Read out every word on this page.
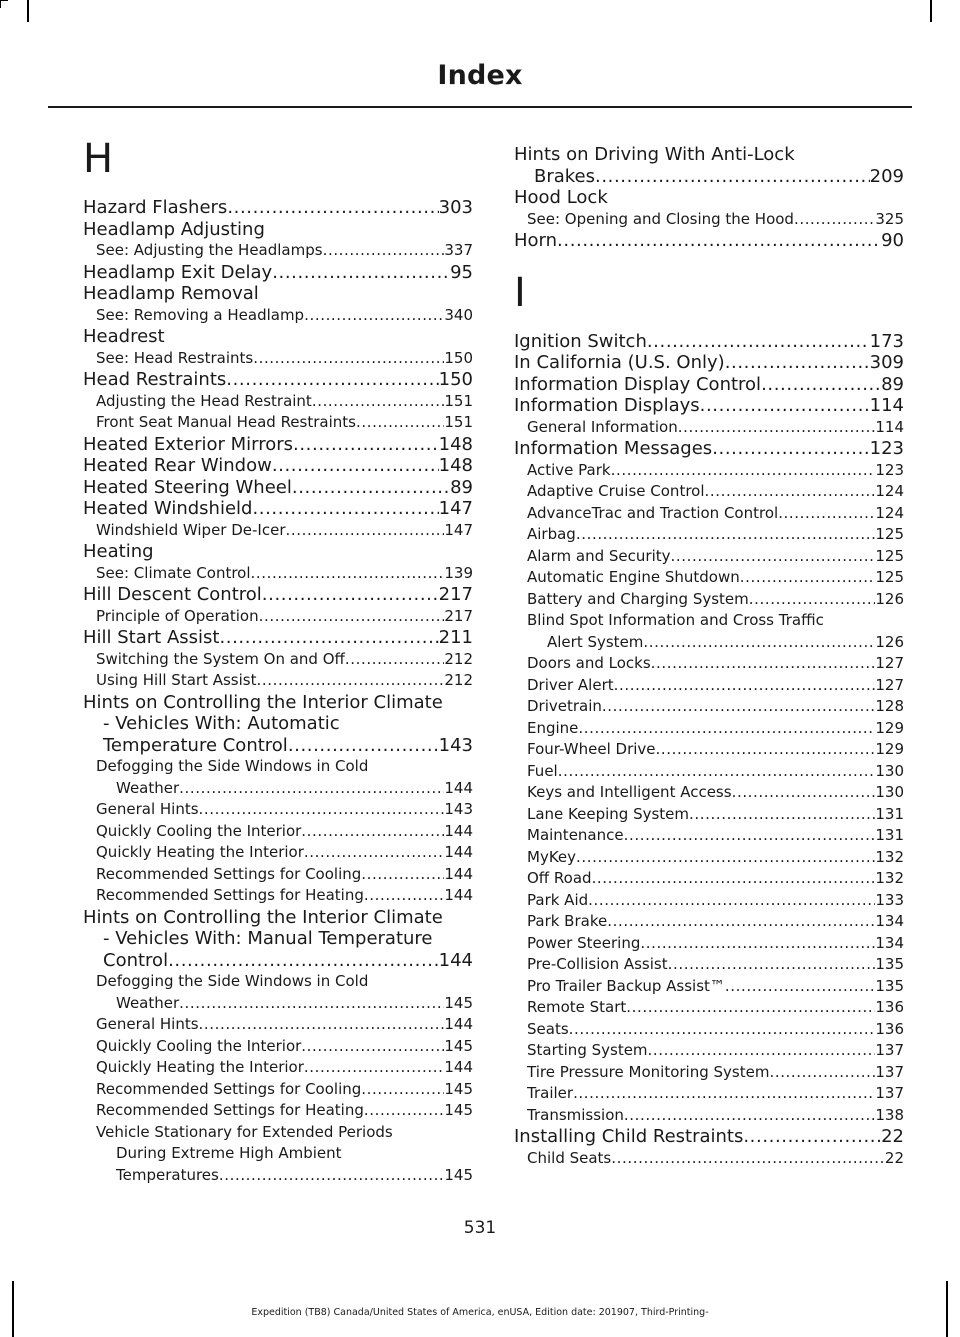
Index
H
Hazard Flashers .....	303
Headlamp Adjusting
See: Adjusting the Headlamps .....	337
Headlamp Exit Delay .....	95
Headlamp Removal
See: Removing a Headlamp .....	340
Headrest
See: Head Restraints .....	150
Head Restraints .....	150
Adjusting the Head Restraint .....	151
Front Seat Manual Head Restraints .....	151
Heated Exterior Mirrors .....	148
Heated Rear Window .....	148
Heated Steering Wheel .....	89
Heated Windshield .....	147
Windshield Wiper De-Icer .....	147
Heating
See: Climate Control .....	139
Hill Descent Control .....	217
Principle of Operation .....	217
Hill Start Assist .....	211
Switching the System On and Off .....	212
Using Hill Start Assist .....	212
Hints on Controlling the Interior Climate
- Vehicles With: Automatic
Temperature Control .....	143
Defogging the Side Windows in Cold
Weather .....	144
General Hints .....	143
Quickly Cooling the Interior .....	144
Quickly Heating the Interior .....	144
Recommended Settings for Cooling .....	144
Recommended Settings for Heating .....	144
Hints on Controlling the Interior Climate
- Vehicles With: Manual Temperature
Control .....	144
Defogging the Side Windows in Cold
Weather .....	145
General Hints .....	144
Quickly Cooling the Interior .....	145
Quickly Heating the Interior .....	144
Recommended Settings for Cooling .....	145
Recommended Settings for Heating .....	145
Vehicle Stationary for Extended Periods
During Extreme High Ambient
Temperatures .....	145
Hints on Driving With Anti-Lock
Brakes .....	209
Hood Lock
See: Opening and Closing the Hood .....	325
Horn .....	90
I
Ignition Switch .....	173
In California (U.S. Only) .....	309
Information Display Control .....	89
Information Displays .....	114
General Information .....	114
Information Messages .....	123
Active Park .....	123
Adaptive Cruise Control .....	124
AdvanceTrac and Traction Control .....	124
Airbag .....	125
Alarm and Security .....	125
Automatic Engine Shutdown .....	125
Battery and Charging System .....	126
Blind Spot Information and Cross Traffic
Alert System .....	126
Doors and Locks .....	127
Driver Alert .....	127
Drivetrain .....	128
Engine .....	129
Four-Wheel Drive .....	129
Fuel .....	130
Keys and Intelligent Access .....	130
Lane Keeping System .....	131
Maintenance .....	131
MyKey .....	132
Off Road .....	132
Park Aid .....	133
Park Brake .....	134
Power Steering .....	134
Pre-Collision Assist .....	135
Pro Trailer Backup Assist™ .....	135
Remote Start .....	136
Seats .....	136
Starting System .....	137
Tire Pressure Monitoring System .....	137
Trailer .....	137
Transmission .....	138
Installing Child Restraints .....	22
Child Seats .....	22
531
Expedition (TB8) Canada/United States of America, enUSA, Edition date: 201907, Third-Printing-
